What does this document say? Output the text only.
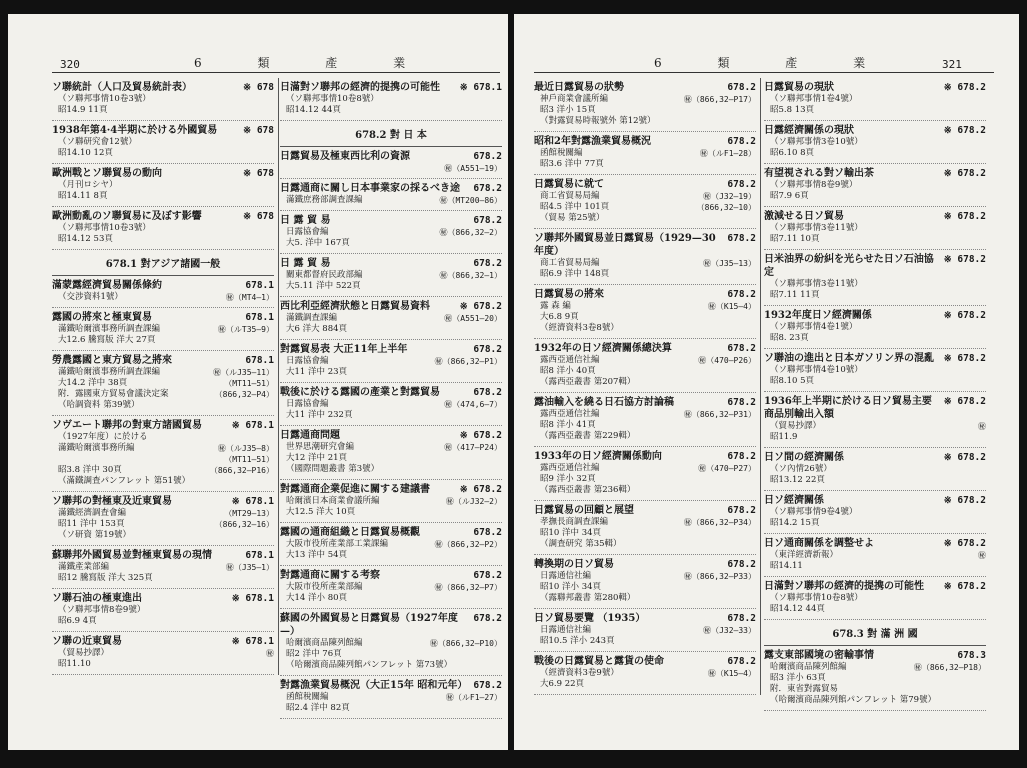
320	6 類 產 業
ソ聯統計（人口及貿易統計表）	※ 678
（ソ聯邦事情10卷3號）
昭14.9 11頁
1938年第4·4半期に於ける外國貿易	※ 678
（ソ聯研究會12號）
昭14.10 12頁
歐洲戰とソ聯貿易の動向	※ 678
（月刊ロシヤ）
昭14.11 8頁
歐洲動亂のソ聯貿易に及ぼす影響	※ 678
（ソ聯邦事情10卷3號）
昭14.12 53頁
678.1 對アジア諸國一般
滿蒙露經濟貿易關係條約	678.1
（交涉資料1號）	㊙（MT4—1）
露國の將來と極東貿易	678.1
滿鐵哈爾濱事務所調査課編	㊙（ルT35—9）
大12.6 騰寫版 洋大 27頁
勞農露國と東方貿易之將來	678.1
滿鐵哈爾濱事務所調査課編	㊙（ルJ35—11）
大14.2 洋中 38頁	（MT11—51）
附．露國東方貿易會議決定案	（866,32—P4）
（哈調資料 第39號）
ソヴエート聯邦の對東方諸國貿易	※ 678.1
（1927年度）に於ける
滿鐵哈爾濱事務所編	㊙（ルJ35—8）
（MT11—51）
昭3.8 洋中 30頁	（866,32—P16）
（滿鐵調査パンフレット 第51號）
ソ聯邦の對極東及近東貿易	※ 678.1
滿鐵經濟調査會編	（MT29—13）
昭11 洋中 153頁	（866,32—16）
（ソ研資 第19號）
蘇聯邦外國貿易並對極東貿易の現情	678.1
滿鐵產業部編	㊙（J35—1）
昭12 騰寫版 洋大 325頁
ソ聯石油の極東進出	※ 678.1
（ソ聯邦事情8卷9號）
昭6.9 4頁
ソ聯の近東貿易	※ 678.1
（貿易抄譯）	㊙
昭11.10
日滿對ソ聯邦の經濟的提携の可能性	※ 678.1
（ソ聯邦事情10卷8號）
昭14.12 44頁
678.2 對 日 本
日露貿易及極東西比利の資源	678.2
㊙（A551—19）
日露通商に關し日本事業家の採るべき途	678.2
滿鐵庶務部調査課編	㊙（MT200—86）
日 露 貿 易	678.2
日露協會編	㊙（866,32—2）
大5. 洋中 167頁
日 露 貿 易	678.2
關東都督府民政部編	㊙（866,32—1）
大5.11 洋中 522頁
西比利亞經濟狀態と日露貿易資料	※ 678.2
滿鐵調査課編	㊙（A551—20）
大6 洋大 884頁
對露貿易表 大正11年上半年	678.2
日露協會編	㊙（866,32—P1）
大11 洋中 23頁
戰後に於ける露國の產業と對露貿易	678.2
日露協會編	㊙（474,6—7）
大11 洋中 232頁
日露通商問題	※ 678.2
世界思潮研究會編	㊙（417—P24）
大12 洋中 21頁
（國際問題叢書 第3號）
對露通商企業促進に關する建議書	※ 678.2
哈爾濱日本商業會議所編	㊙（ルJ32—2）
大12.5 洋大 10頁
露國の通商組織と日露貿易概觀	678.2
大阪市役所產業部工業課編	㊙（866,32—P2）
大13 洋中 54頁
對露通商に關する考察	678.2
大阪市役所產業部編	㊙（866,32—P7）
大14 洋小 80頁
蘇國の外國貿易と日露貿易（1927年度—）
678.2
哈爾濱商品陳列館編	㊙（866,32—P10）
昭2 洋中 76頁
（哈爾濱商品陳列館パンフレット 第73號）
對露漁業貿易概況（大正15年 昭和元年） 678.2
函館稅關編	㊙（ルF1—27）
昭2.4 洋中 82頁
6 類 產 業	321
最近日露貿易の狀勢	678.2
神戶商業會議所編	㊙（866,32—P17）
昭3 洋小 15頁
（對露貿易時報號外 第12號）
昭和2年對露漁業貿易概況	678.2
函館稅關編	㊙（ルF1—28）
昭3.6 洋中 77頁
日露貿易に就て	678.2
商工省貿易局編	㊙（J32—19）
昭4.5 洋中 101頁	（866,32—10）
（貿易 第25號）
ソ聯邦外國貿易並日露貿易（1929—30年度）
678.2
商工省貿易局編	㊙（J35—13）
昭6.9 洋中 148頁
日露貿易の將來	678.2
露 森 編	㊙（K15—4）
大6.8 9頁
（經濟資料3卷8號）
1932年の日ソ經濟關係總決算	678.2
露西亞通信社編	㊙（470—P26）
昭8 洋小 40頁
（露西亞叢書 第207輯）
露油輸入を繞る日石協方討論稿	678.2
露西亞通信社編	㊙（866,32—P31）
昭8 洋小 41頁
（露西亞叢書 第229輯）
1933年の日ソ經濟關係動向	678.2
露西亞通信社編	㊙（470—P27）
昭9 洋小 32頁
（露西亞叢書 第236輯）
日露貿易の回顧と展望	678.2
孝撫長商調査課編	㊙（866,32—P34）
昭10 洋中 34頁
（調査研究 第35輯）
轉換期の日ソ貿易	678.2
日露通信社編	㊙（866,32—P33）
昭10 洋小 34頁
（露聯邦叢書 第280輯）
日ソ貿易要覽 （1935）	678.2
日露通信社編	㊙（J32—33）
昭10.5 洋小 243頁
戰後の日露貿易と露貨の使命	678.2
（經濟資料3卷9號）	㊙（K15—4）
大6.9 22頁
日露貿易の現狀	※ 678.2
（ソ聯邦事情1卷4號）
昭5.8 13頁
日露經濟關係の現狀	※ 678.2
（ソ聯邦事情3卷10號）
昭6.10 8頁
有望視される對ソ輸出茶	※ 678.2
（ソ聯邦事情8卷9號）
昭7.9 6頁
激減せる日ソ貿易	※ 678.2
（ソ聯邦事情3卷11號）
昭7.11 10頁
日米油界の紛糾を光らせた日ソ石油協定
※ 678.2
（ソ聯邦事情3卷11號）
昭7.11 11頁
1932年度日ソ經濟關係	※ 678.2
（ソ聯邦事情4卷1號）
昭8. 23頁
ソ聯油の進出と日本ガソリン界の混亂	※ 678.2
（ソ聯邦事情4卷10號）
昭8.10 5頁
1936年上半期に於ける日ソ貿易主要商品別輸出入額
※ 678.2
（貿易抄譯）	㊙
昭11.9
日ソ間の經濟關係	※ 678.2
（ソ內情26號）
昭13.12 22頁
日ソ經濟關係	※ 678.2
（ソ聯邦事情9卷4號）
昭14.2 15頁
日ソ通商關係を調整せよ	※ 678.2
（東洋經濟新報）	㊙
昭14.11
日滿對ソ聯邦の經濟的提携の可能性	※ 678.2
（ソ聯邦事情10卷8號）
昭14.12 44頁
678.3 對 滿 洲 國
露支東部國境の密輸事情	678.3
哈爾濱商品陳列館編	㊙（866,32—P18）
昭3 洋小 63頁
附．東省對露貿易
（哈爾濱商品陳列館パンフレット 第79號）
